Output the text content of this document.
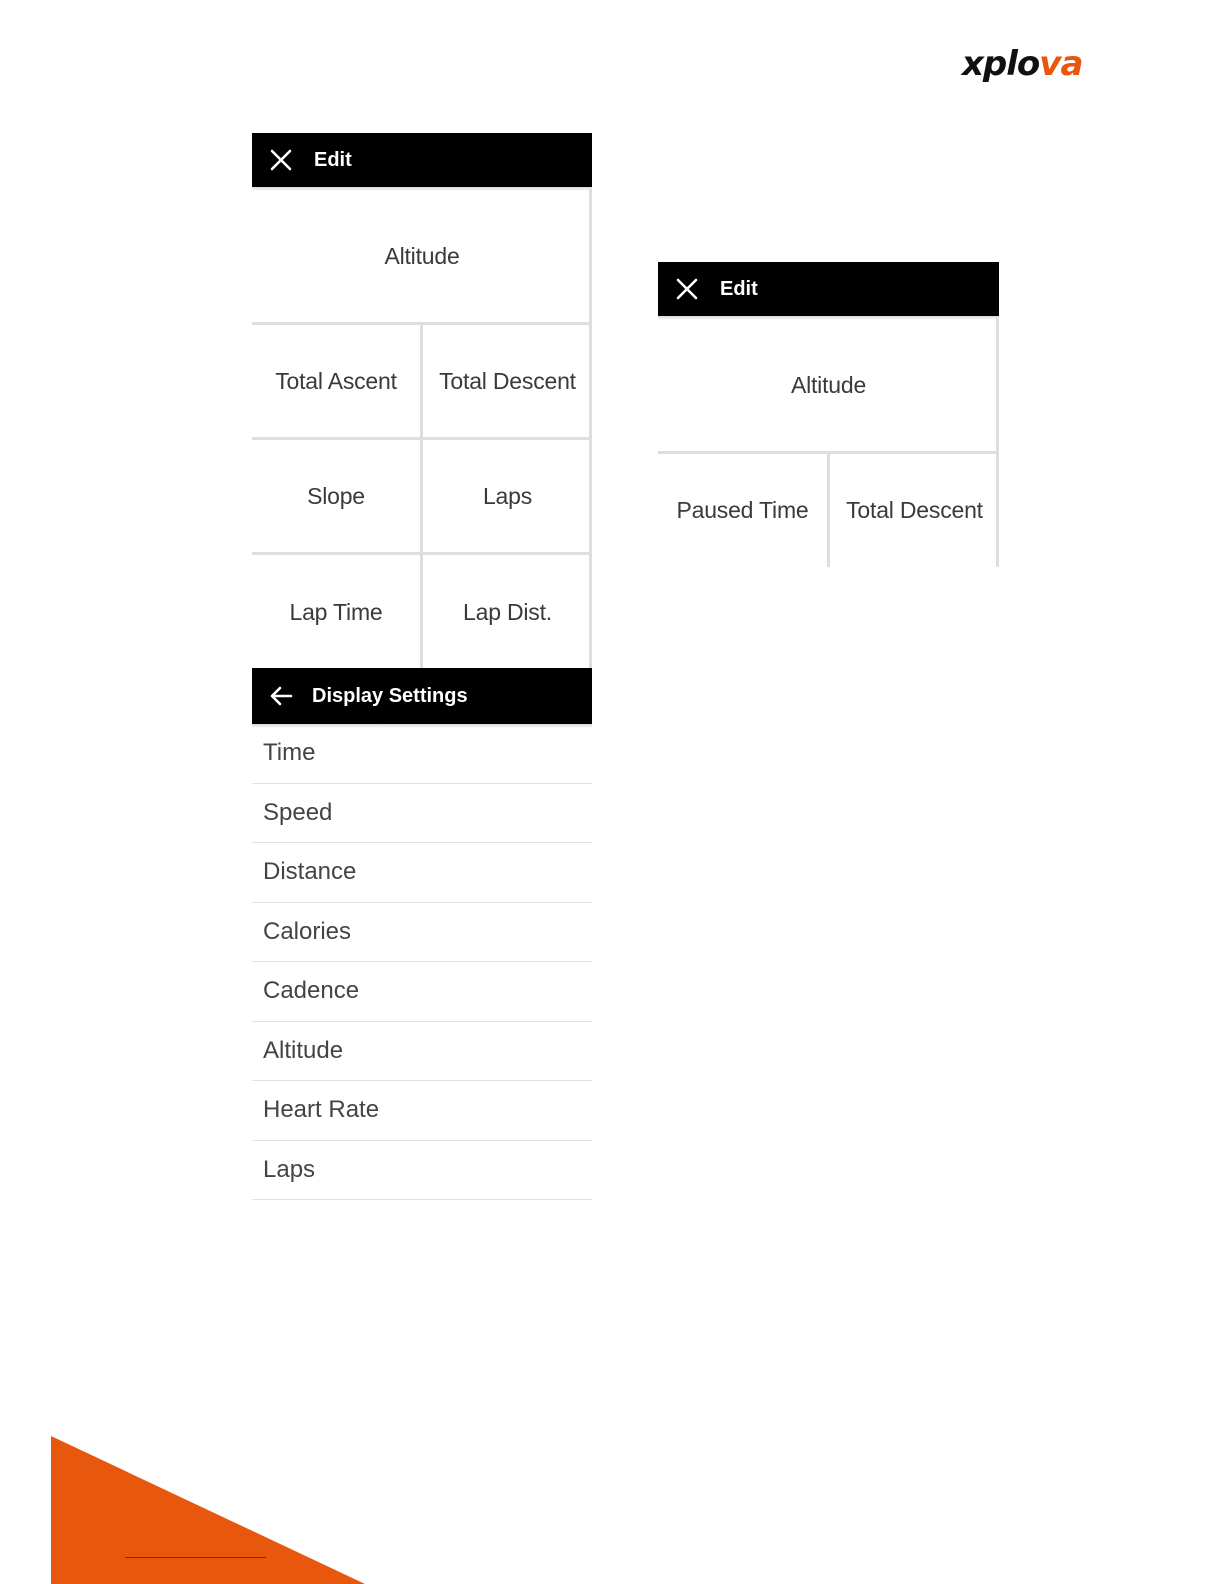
xplova
Edit
Altitude
Total Ascent	Total Descent
Slope	Laps
Lap Time	Lap Dist.
Edit
Altitude
Paused Time	Total Descent
Display Settings
Time
Speed
Distance
Calories
Cadence
Altitude
Heart Rate
Laps
